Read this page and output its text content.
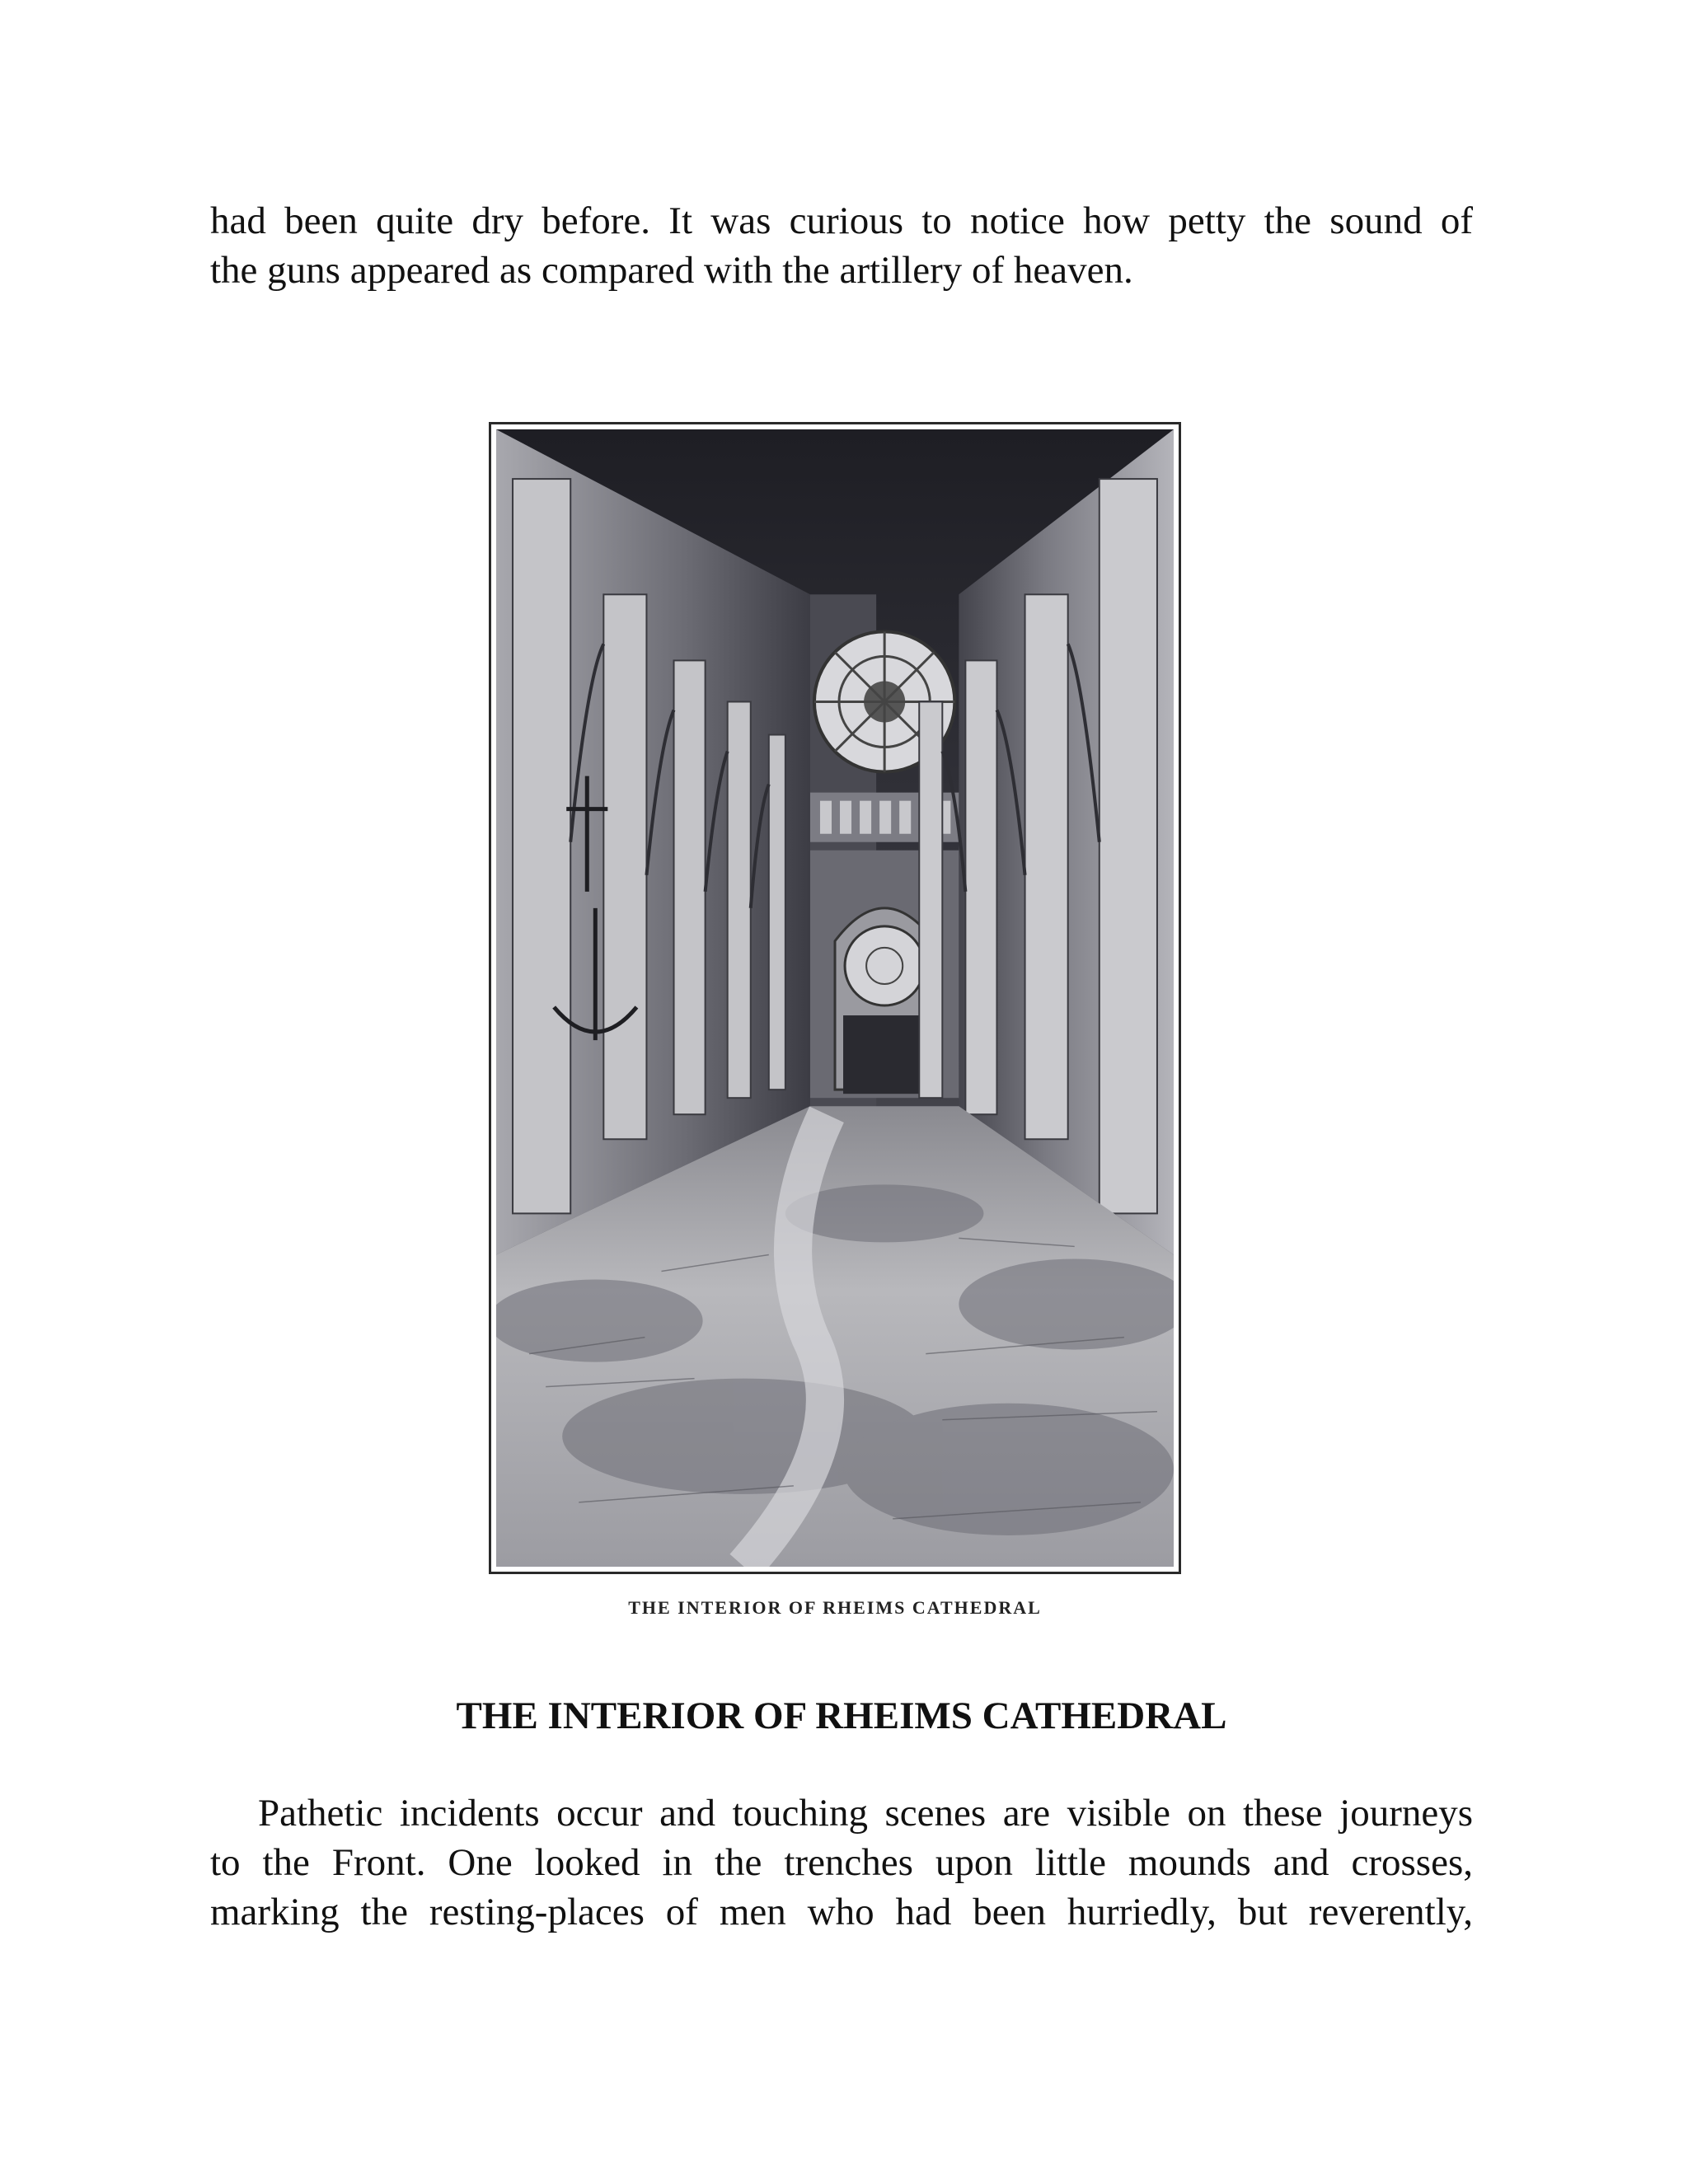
had been quite dry before. It was curious to notice how petty the sound of
the guns appeared as compared with the artillery of heaven.

THE INTERIOR OF RHEIMS CATHEDRAL
THE INTERIOR OF RHEIMS CATHEDRAL

Pathetic incidents occur and touching scenes are visible on these journeys
to the Front. One looked in the trenches upon little mounds and crosses,
marking the resting-places of men who had been hurriedly, but reverently,
